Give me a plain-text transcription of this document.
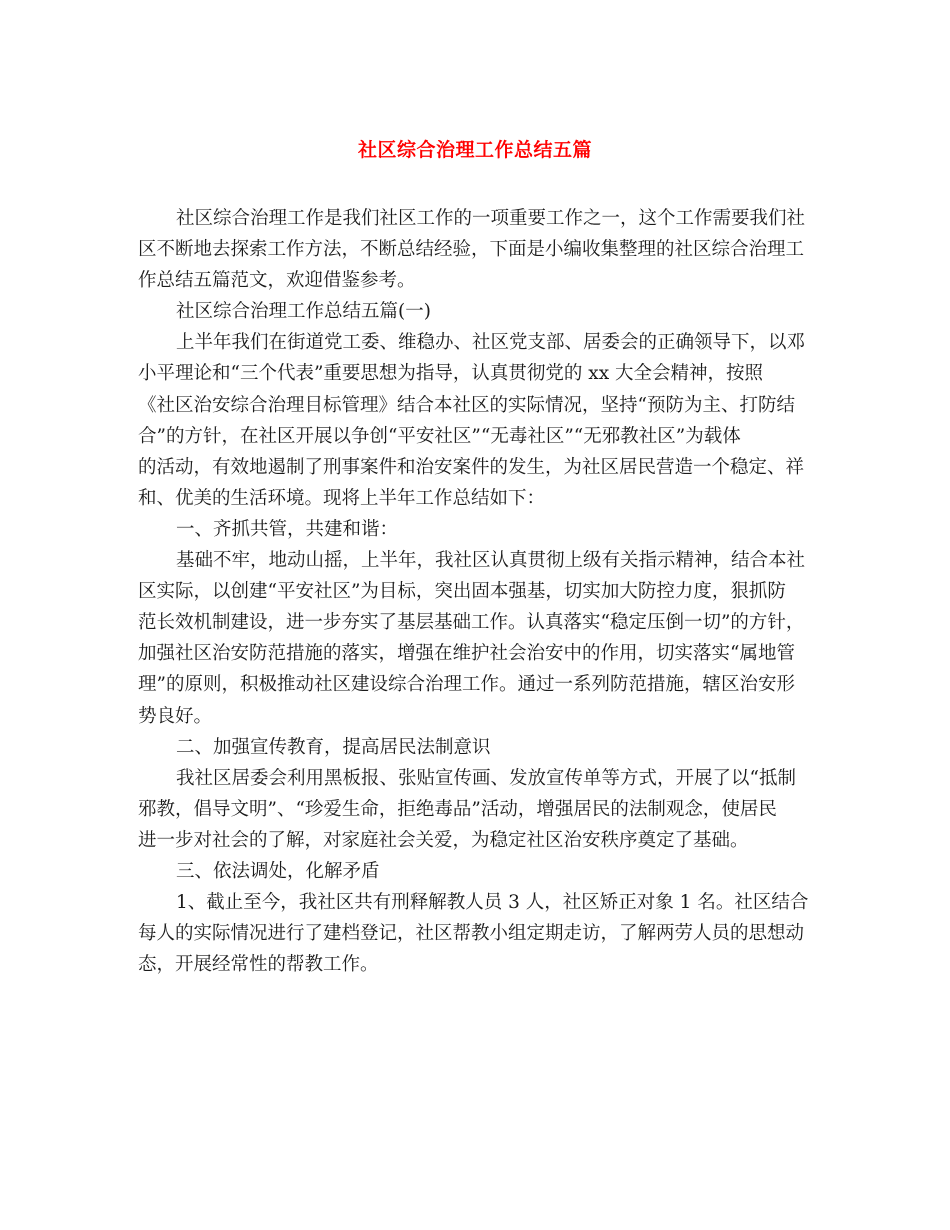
社区综合治理工作总结五篇
社区综合治理工作是我们社区工作的一项重要工作之一，这个工作需要我们社
区不断地去探索工作方法，不断总结经验，下面是小编收集整理的社区综合治理工
作总结五篇范文，欢迎借鉴参考。
社区综合治理工作总结五篇(一)
上半年我们在街道党工委、维稳办、社区党支部、居委会的正确领导下，以邓
小平理论和“三个代表”重要思想为指导，认真贯彻党的 xx 大全会精神，按照
《社区治安综合治理目标管理》结合本社区的实际情况，坚持“预防为主、打防结
合”的方针，在社区开展以争创“平安社区”“无毒社区”“无邪教社区”为载体
的活动，有效地遏制了刑事案件和治安案件的发生，为社区居民营造一个稳定、祥
和、优美的生活环境。现将上半年工作总结如下：
一、齐抓共管，共建和谐：
基础不牢，地动山摇，上半年，我社区认真贯彻上级有关指示精神，结合本社
区实际，以创建“平安社区”为目标，突出固本强基，切实加大防控力度，狠抓防
范长效机制建设，进一步夯实了基层基础工作。认真落实“稳定压倒一切”的方针，
加强社区治安防范措施的落实，增强在维护社会治安中的作用，切实落实“属地管
理”的原则，积极推动社区建设综合治理工作。通过一系列防范措施，辖区治安形
势良好。
二、加强宣传教育，提高居民法制意识
我社区居委会利用黑板报、张贴宣传画、发放宣传单等方式，开展了以“抵制
邪教，倡导文明”、“珍爱生命，拒绝毒品”活动，增强居民的法制观念，使居民
进一步对社会的了解，对家庭社会关爱，为稳定社区治安秩序奠定了基础。
三、依法调处，化解矛盾
1、截止至今，我社区共有刑释解教人员 3 人，社区矫正对象 1 名。社区结合
每人的实际情况进行了建档登记，社区帮教小组定期走访，了解两劳人员的思想动
态，开展经常性的帮教工作。
